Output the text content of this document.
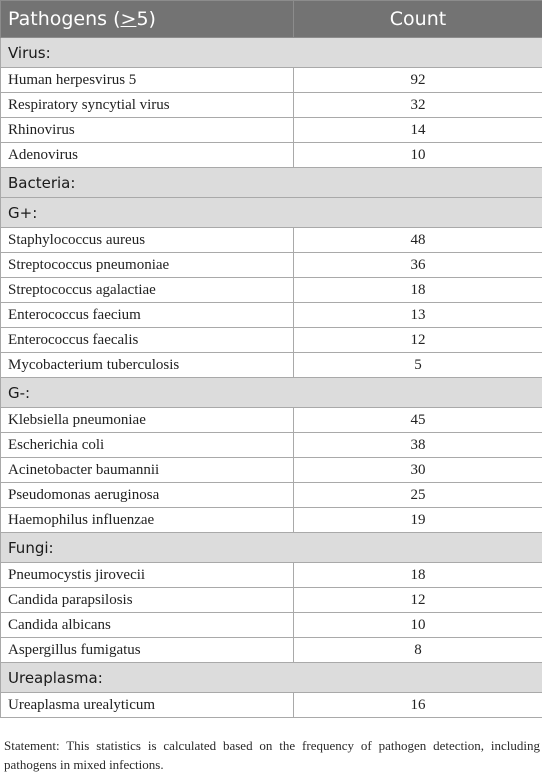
Pathogens (>5)	Count
Virus:	
Human herpesvirus 5	92
Respiratory syncytial virus	32
Rhinovirus	14
Adenovirus	10
Bacteria:	
G+:	
Staphylococcus aureus	48
Streptococcus pneumoniae	36
Streptococcus agalactiae	18
Enterococcus faecium	13
Enterococcus faecalis	12
Mycobacterium tuberculosis	5
G-:	
Klebsiella pneumoniae	45
Escherichia coli	38
Acinetobacter baumannii	30
Pseudomonas aeruginosa	25
Haemophilus influenzae	19
Fungi:	
Pneumocystis jirovecii	18
Candida parapsilosis	12
Candida albicans	10
Aspergillus fumigatus	8
Ureaplasma:	
Ureaplasma urealyticum	16
Statement: This statistics is calculated based on the frequency of pathogen detection, including pathogens in mixed infections.
